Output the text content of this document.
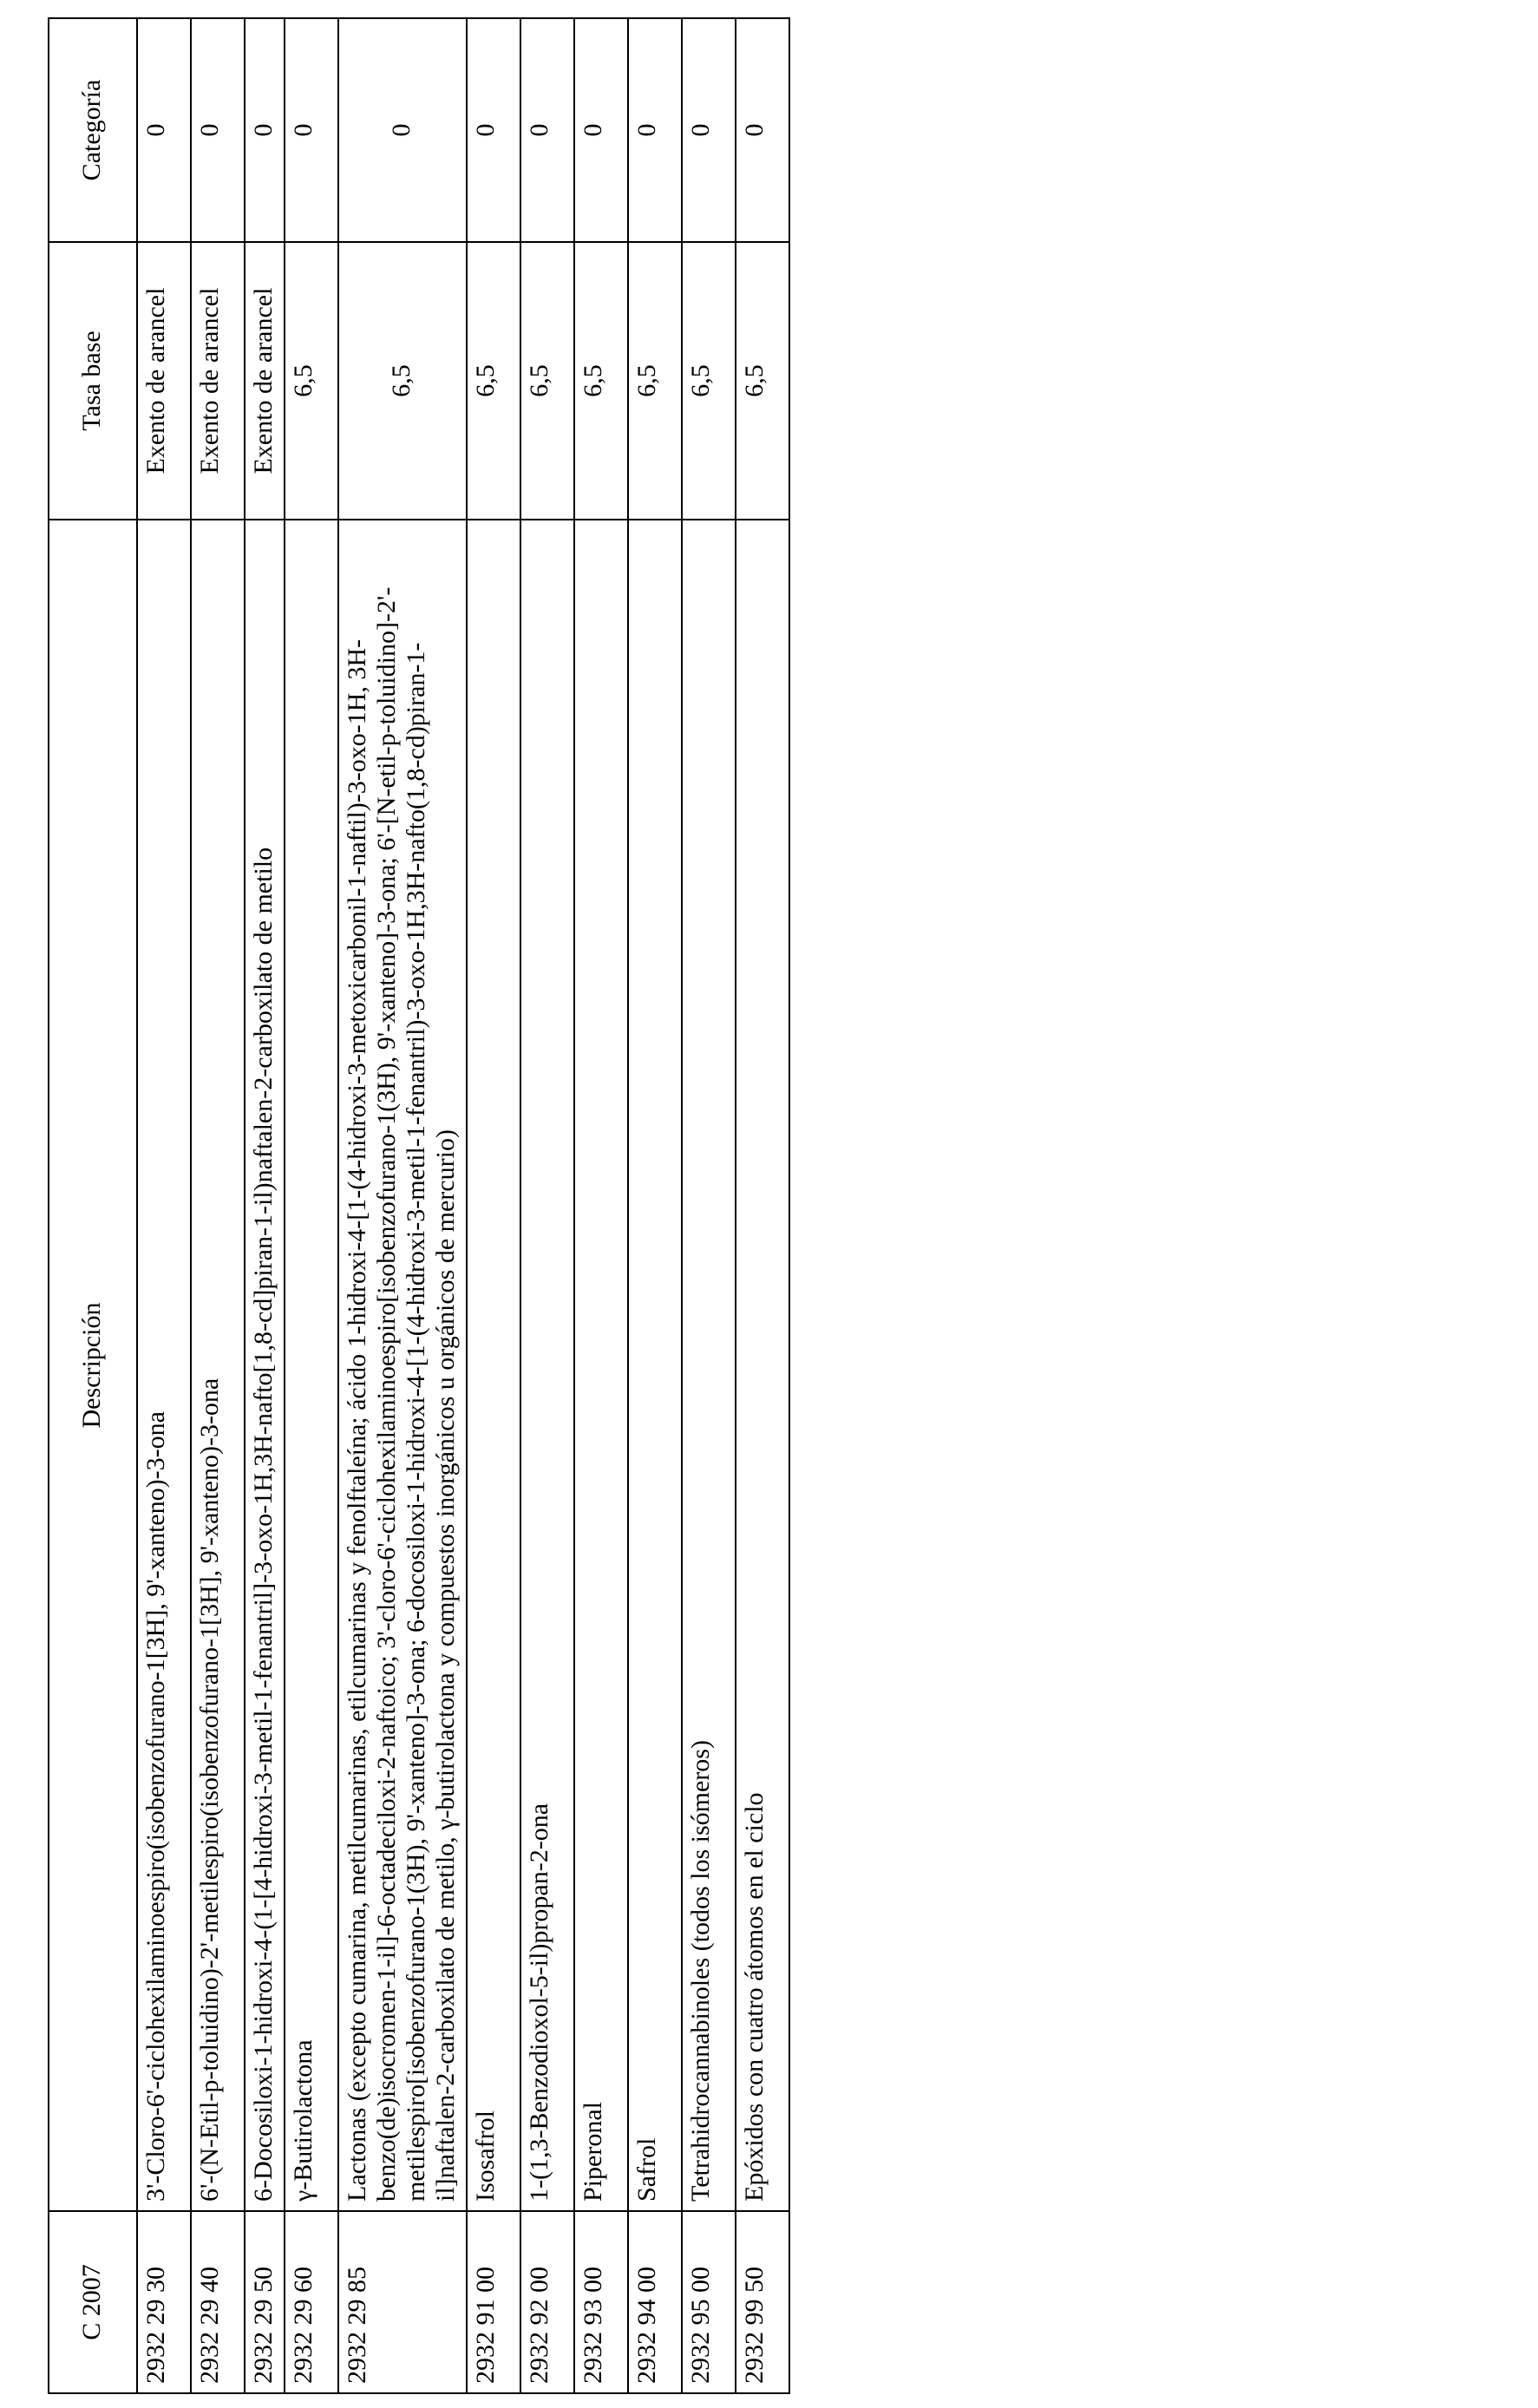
C 2007	Descripción	Tasa base	Categoría
2932 29 30	3'-Cloro-6'-ciclohexilaminoespiro(isobenzofurano-1[3H], 9'-xanteno)-3-ona	Exento de arancel	0
2932 29 40	6'-(N-Etil-p-toluidino)-2'-metilespiro(isobenzofurano-1[3H], 9'-xanteno)-3-ona	Exento de arancel	0
2932 29 50	6-Docosiloxi-1-hidroxi-4-(1-[4-hidroxi-3-metil-1-fenantril]-3-oxo-1H,3H-nafto[1,8-cd]piran-1-il)naftalen-2-carboxilato de metilo	Exento de arancel	0
2932 29 60	γ-Butirolactona	6,5	0
2932 29 85	Lactonas (excepto cumarina, metilcumarinas, etilcumarinas y fenolftaleína; ácido 1-hidroxi-4-[1-(4-hidroxi-3-metoxicarbonil-1-naftil)-3-oxo-1H, 3H-benzo(de)isocromen-1-il]-6-octadeciloxi-2-naftoico; 3'-cloro-6'-ciclohexilaminoespiro[isobenzofurano-1(3H), 9'-xanteno]-3-ona; 6'-[N-etil-p-toluidino]-2'-metilespiro[isobenzofurano-1(3H), 9'-xanteno]-3-ona; 6-docosiloxi-1-hidroxi-4-[1-(4-hidroxi-3-metil-1-fenantril)-3-oxo-1H,3H-nafto(1,8-cd)piran-1-il]naftalen-2-carboxilato de metilo, γ-butirolactona y compuestos inorgánicos u orgánicos de mercurio)	6,5	0
2932 91 00	Isosafrol	6,5	0
2932 92 00	1-(1,3-Benzodioxol-5-il)propan-2-ona	6,5	0
2932 93 00	Piperonal	6,5	0
2932 94 00	Safrol	6,5	0
2932 95 00	Tetrahidrocannabinoles (todos los isómeros)	6,5	0
2932 99 50	Epóxidos con cuatro átomos en el ciclo	6,5	0
